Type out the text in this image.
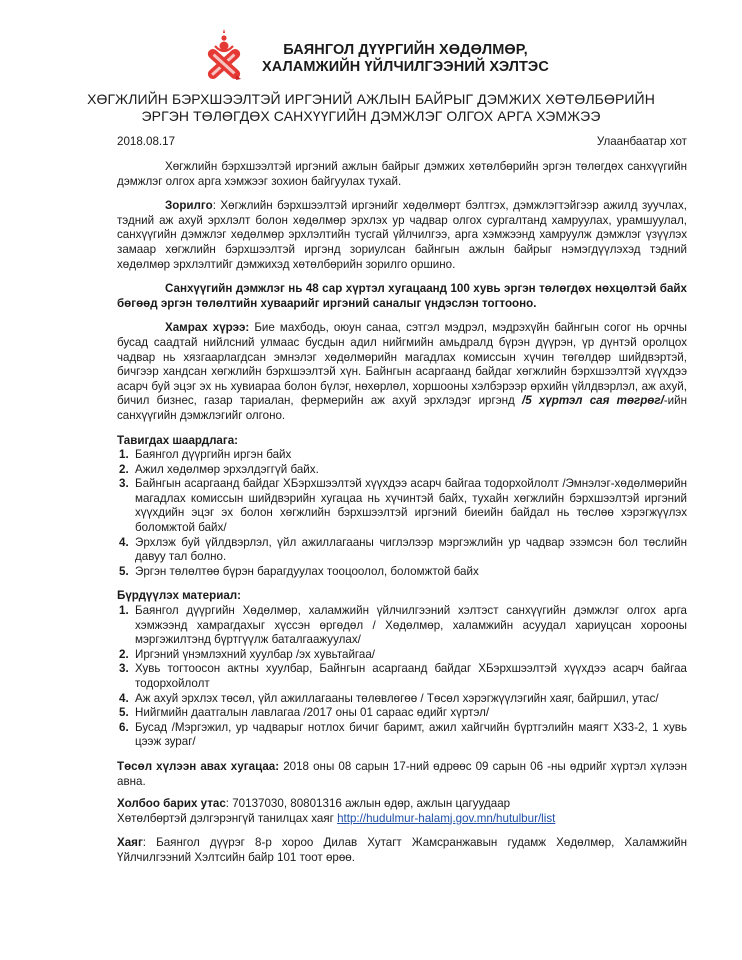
БАЯНГОЛ ДҮҮРГИЙН ХӨДӨЛМӨР,
ХАЛАМЖИЙН ҮЙЛЧИЛГЭЭНИЙ ХЭЛТЭС
ХӨГЖЛИЙН БЭРХШЭЭЛТЭЙ ИРГЭНИЙ АЖЛЫН БАЙРЫГ ДЭМЖИХ ХӨТӨЛБӨРИЙН
ЭРГЭН ТӨЛӨГДӨХ САНХҮҮГИЙН ДЭМЖЛЭГ ОЛГОХ АРГА ХЭМЖЭЭ
2018.08.17	Улаанбаатар хот

Хөгжлийн бэрхшээлтэй иргэний ажлын байрыг дэмжих хөтөлбөрийн эргэн төлөгдөх санхүүгийн дэмжлэг олгох арга хэмжээг зохион байгуулах тухай.

Зорилго: Хөгжлийн бэрхшээлтэй иргэнийг хөдөлмөрт бэлтгэх, дэмжлэгтэйгээр ажилд зуучлах, тэдний аж ахуй эрхлэлт болон хөдөлмөр эрхлэх ур чадвар олгох сургалтанд хамруулах, урамшуулал, санхүүгийн дэмжлэг хөдөлмөр эрхлэлтийн тусгай үйлчилгээ, арга хэмжээнд хамруулж дэмжлэг үзүүлэх замаар хөгжлийн бэрхшээлтэй иргэнд зориулсан байнгын ажлын байрыг нэмэгдүүлэхэд тэдний хөдөлмөр эрхлэлтийг дэмжихэд хөтөлбөрийн зорилго оршино.

Санхүүгийн дэмжлэг нь 48 сар хүртэл хугацаанд 100 хувь эргэн төлөгдөх нөхцөлтэй байх бөгөөд эргэн төлөлтийн хуваарийг иргэний саналыг үндэслэн тогтооно.

Хамрах хүрээ: Бие махбодь, оюун санаа, сэтгэл мэдрэл, мэдрэхүйн байнгын согог нь орчны бусад саадтай нийлсний улмаас бусдын адил нийгмийн амьдралд бүрэн дүүрэн, үр дүнтэй оролцох чадвар нь хязгаарлагдсан эмнэлэг хөдөлмөрийн магадлах комиссын хүчин төгөлдөр шийдвэртэй, бичгээр хандсан хөгжлийн бэрхшээлтэй хүн. Байнгын асаргаанд байдаг хөгжлийн бэрхшээлтэй хүүхдээ асарч буй эцэг эх нь хувиараа болон бүлэг, нөхөрлөл, хоршооны хэлбэрээр өрхийн үйлдвэрлэл, аж ахуй, бичил бизнес, газар тариалан, фермерийн аж ахуй эрхлэдэг иргэнд /5 хүртэл сая төгрөг/-ийн санхүүгийн дэмжлэгийг олгоно.

Тавигдах шаардлага:

1. Баянгол дүүргийн иргэн байх
2. Ажил хөдөлмөр эрхэлдэггүй байх.
3. Байнгын асаргаанд байдаг ХБэрхшээлтэй хүүхдээ асарч байгаа тодорхойлолт /Эмнэлэг-хөдөлмөрийн магадлах комиссын шийдвэрийн хугацаа нь хүчинтэй байх, тухайн хөгжлийн бэрхшээлтэй иргэний хүүхдийн эцэг эх болон хөгжлийн бэрхшээлтэй иргэний биеийн байдал нь төслөө хэрэгжүүлэх боломжтой байх/
4. Эрхлэж буй үйлдвэрлэл, үйл ажиллагааны чиглэлээр мэргэжлийн ур чадвар эзэмсэн бол төслийн давуу тал болно.
5. Эргэн төлөлтөө бүрэн барагдуулах тооцоолол, боломжтой байх

Бүрдүүлэх материал:

1. Баянгол дүүргийн Хөдөлмөр, халамжийн үйлчилгээний хэлтэст санхүүгийн дэмжлэг олгох арга хэмжээнд хамрагдахыг хүссэн өргөдөл / Хөдөлмөр, халамжийн асуудал хариуцсан хорооны мэргэжилтэнд бүртгүүлж баталгаажуулах/
2. Иргэний үнэмлэхний хуулбар /эх хувьтайгаа/
3. Хувь тогтоосон актны хуулбар, Байнгын асаргаанд байдаг ХБэрхшээлтэй хүүхдээ асарч байгаа тодорхойлолт
4. Аж ахуй эрхлэх төсөл, үйл ажиллагааны төлөвлөгөө / Төсөл хэрэгжүүлэгийн хаяг, байршил, утас/
5. Нийгмийн даатгалын лавлагаа /2017 оны 01 сараас өдийг хүртэл/
6. Бусад /Мэргэжил, ур чадварыг нотлох бичиг баримт, ажил хайгчийн бүртгэлийн маягт ХЗ3-2, 1 хувь цээж зураг/

Төсөл хүлээн авах хугацаа: 2018 оны 08 сарын 17-ний өдрөөс 09 сарын 06 -ны өдрийг хүртэл хүлээн авна.

Холбоо барих утас: 70137030, 80801316 ажлын өдөр, ажлын цагуудаар

Хөтөлбөртэй дэлгэрэнгүй танилцах хаяг http://hudulmur-halamj.gov.mn/hutulbur/list

Хаяг: Баянгол дүүрэг 8-р хороо Дилав Хутагт Жамсранжавын гудамж Хөдөлмөр, Халамжийн Үйлчилгээний Хэлтсийн байр 101 тоот өрөө.
